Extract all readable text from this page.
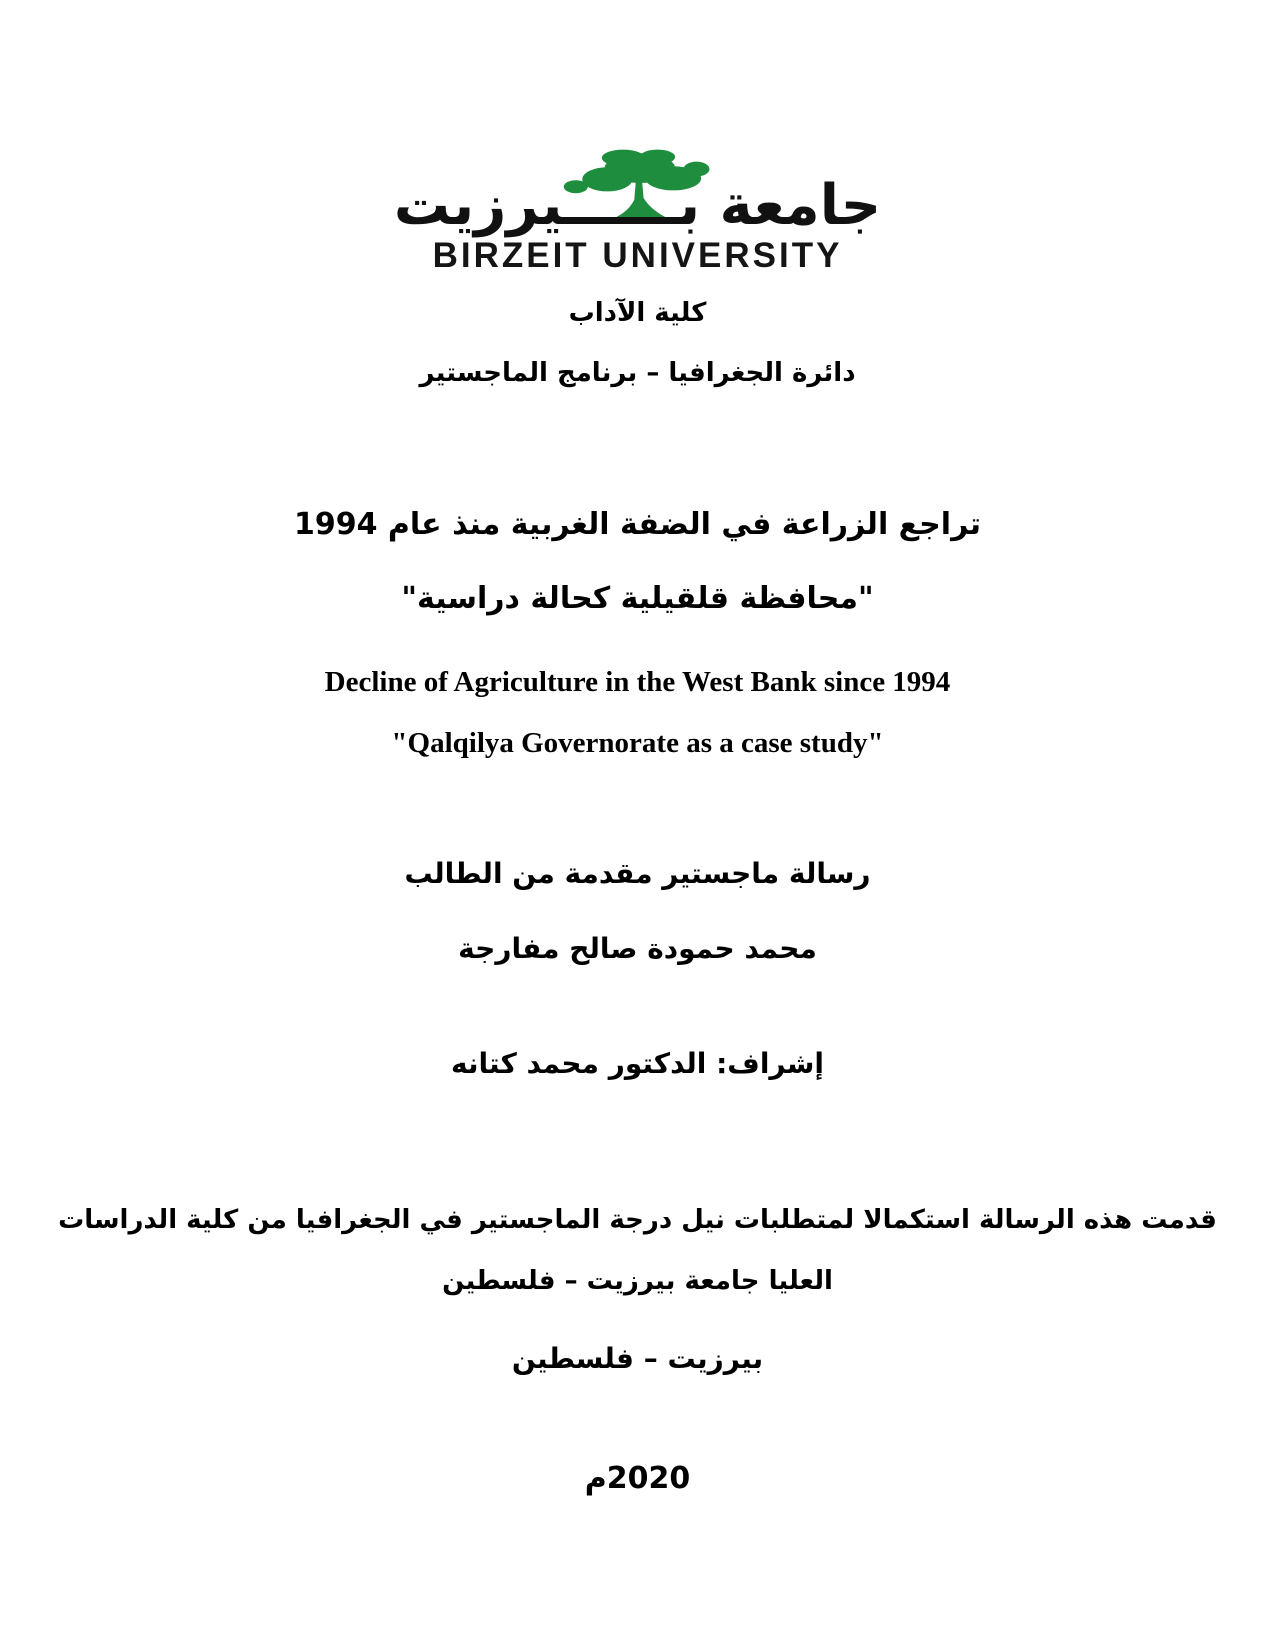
جامعة بــــــيرزيت
BIRZEIT UNIVERSITY
كلية الآداب
دائرة الجغرافيا – برنامج الماجستير
تراجع الزراعة في الضفة الغربية منذ عام 1994
"محافظة قلقيلية كحالة دراسية"
Decline of Agriculture in the West Bank since 1994
"Qalqilya Governorate as a case study"
رسالة ماجستير مقدمة من الطالب
محمد حمودة صالح مفارجة
إشراف: الدكتور محمد كتانه
قدمت هذه الرسالة استكمالا لمتطلبات نيل درجة الماجستير في الجغرافيا من كلية الدراسات
العليا جامعة بيرزيت – فلسطين
بيرزيت – فلسطين
2020م
